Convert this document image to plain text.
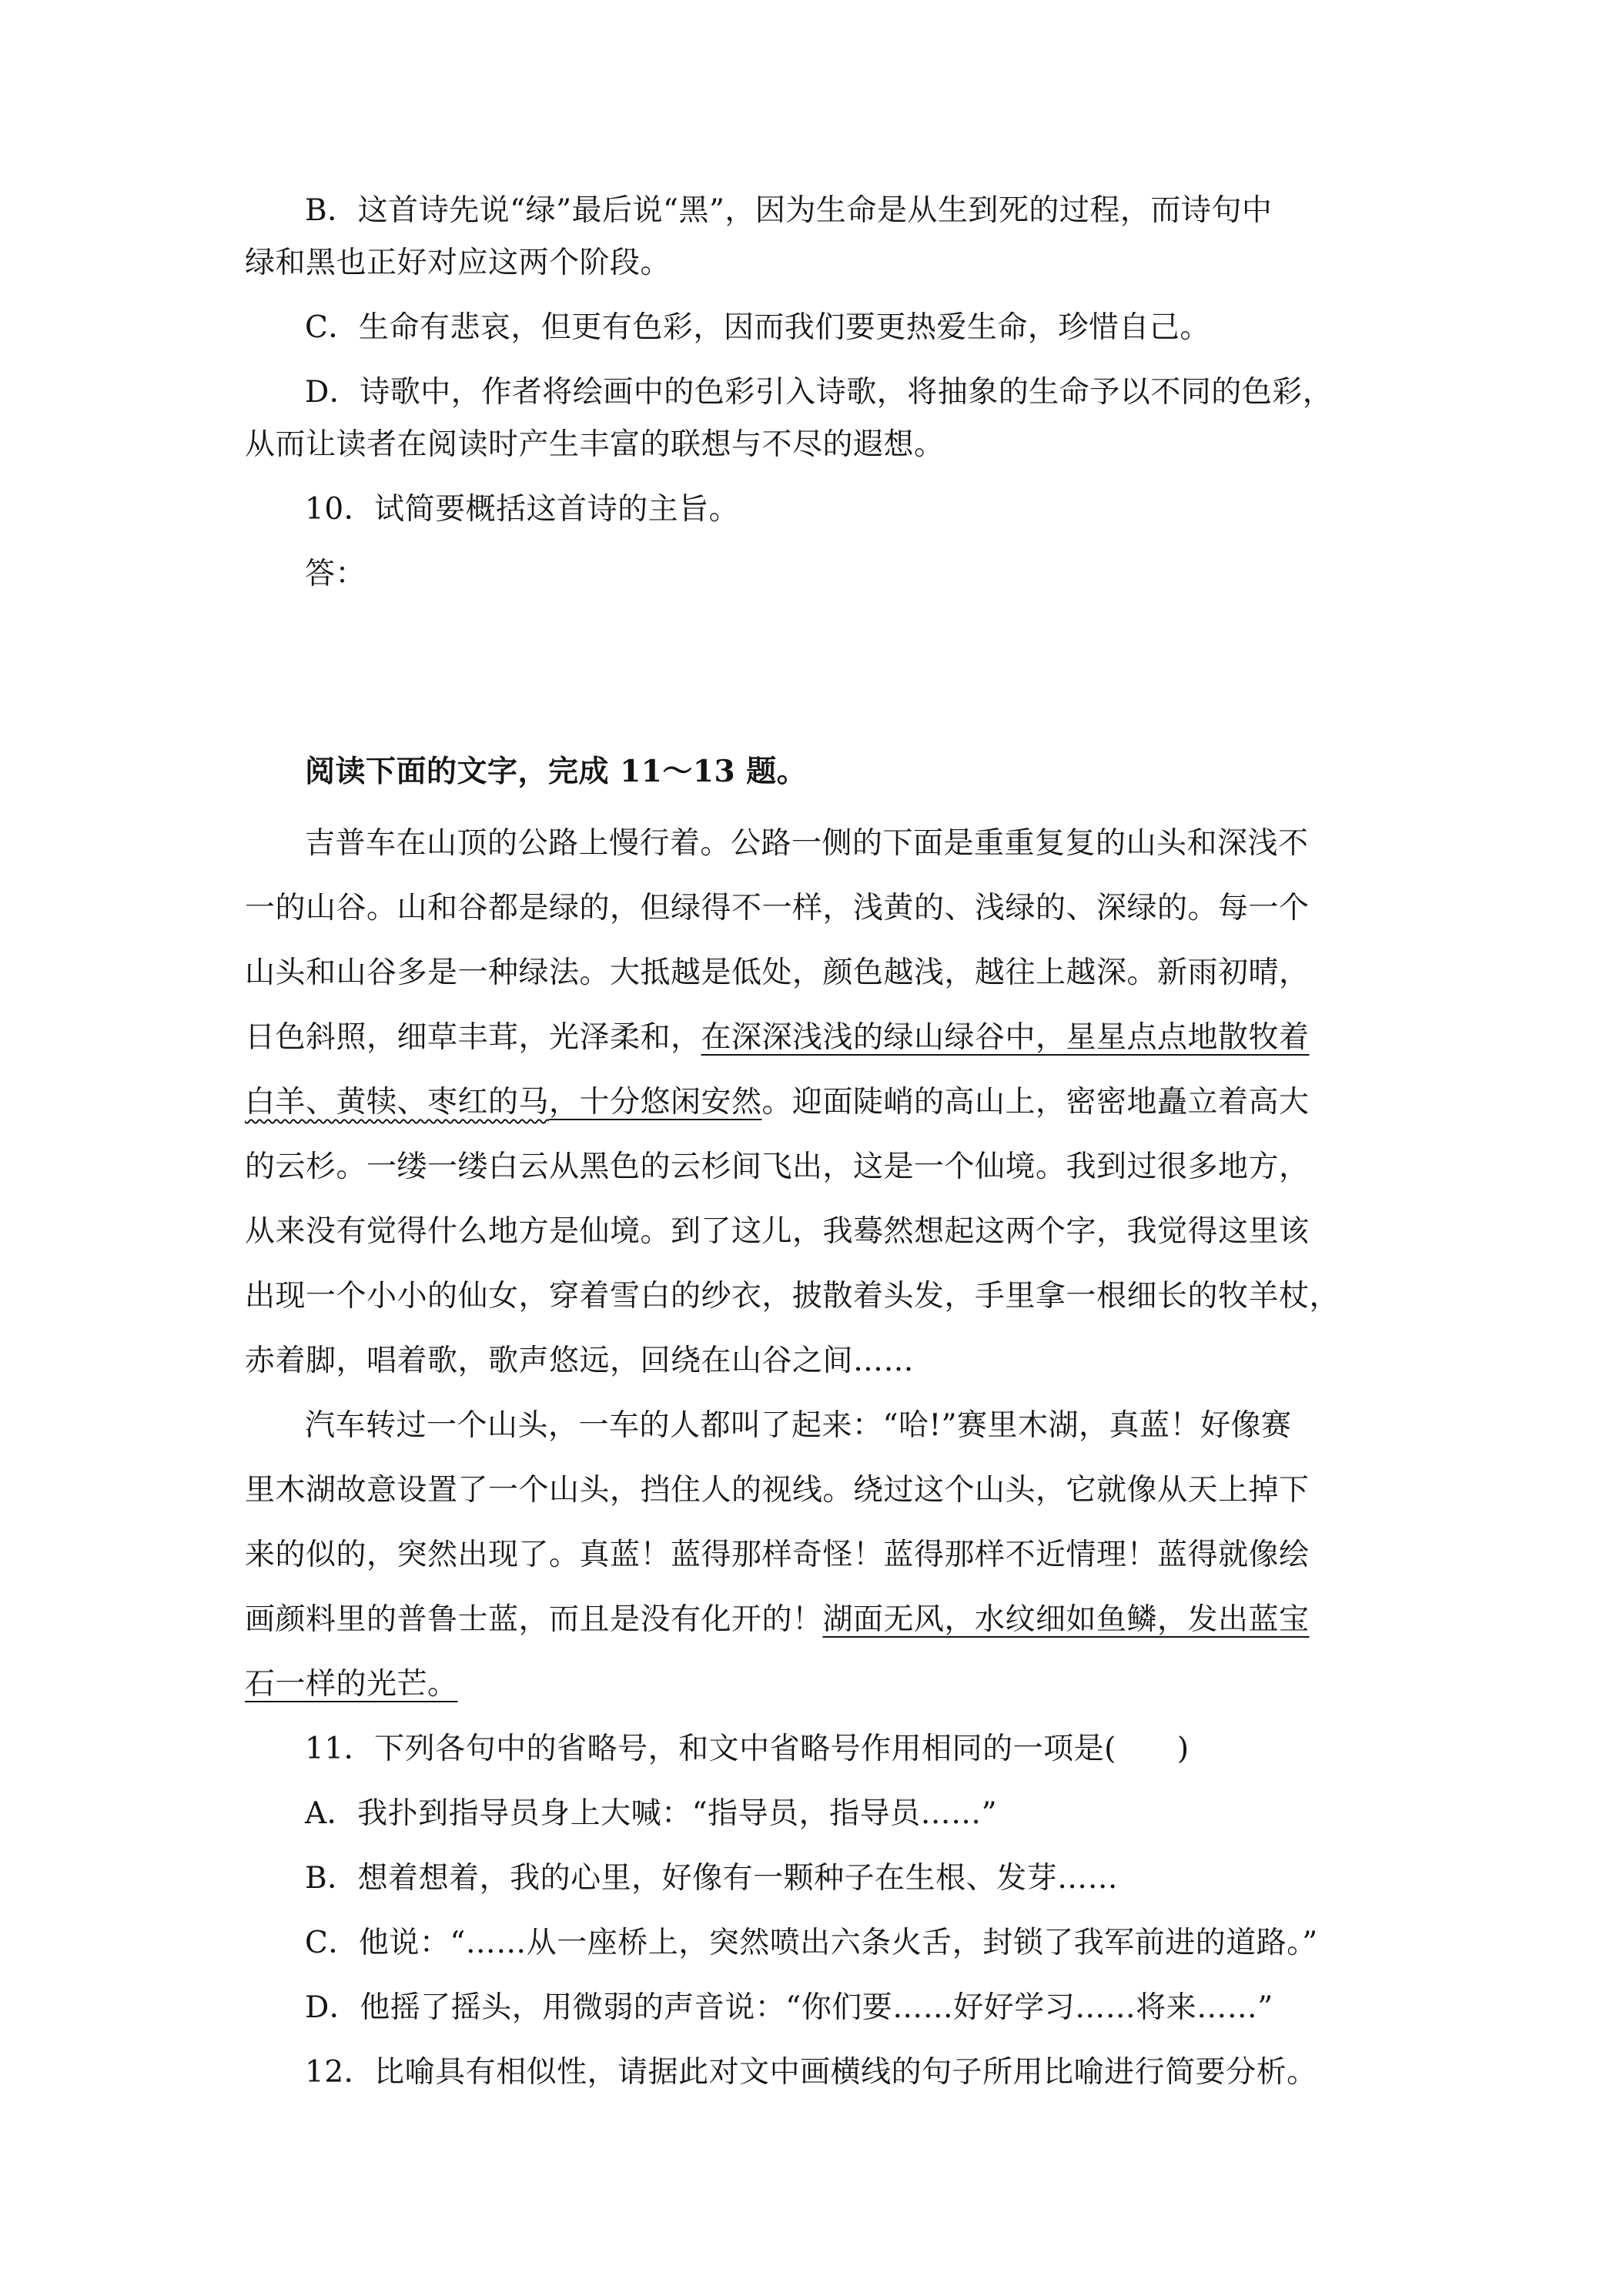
B．这首诗先说“绿”最后说“黑”，因为生命是从生到死的过程，而诗句中
绿和黑也正好对应这两个阶段。
C．生命有悲哀，但更有色彩，因而我们要更热爱生命，珍惜自己。
D．诗歌中，作者将绘画中的色彩引入诗歌，将抽象的生命予以不同的色彩，
从而让读者在阅读时产生丰富的联想与不尽的遐想。
10．试简要概括这首诗的主旨。
答：
阅读下面的文字，完成 11～13 题。
吉普车在山顶的公路上慢行着。公路一侧的下面是重重复复的山头和深浅不
一的山谷。山和谷都是绿的，但绿得不一样，浅黄的、浅绿的、深绿的。每一个
山头和山谷多是一种绿法。大抵越是低处，颜色越浅，越往上越深。新雨初晴，
日色斜照，细草丰茸，光泽柔和，在深深浅浅的绿山绿谷中，星星点点地散牧着
白羊、黄犊、枣红的马，十分悠闲安然。迎面陡峭的高山上，密密地矗立着高大
的云杉。一缕一缕白云从黑色的云杉间飞出，这是一个仙境。我到过很多地方，
从来没有觉得什么地方是仙境。到了这儿，我蓦然想起这两个字，我觉得这里该
出现一个小小的仙女，穿着雪白的纱衣，披散着头发，手里拿一根细长的牧羊杖，
赤着脚，唱着歌，歌声悠远，回绕在山谷之间……
汽车转过一个山头，一车的人都叫了起来：“哈!”赛里木湖，真蓝！好像赛
里木湖故意设置了一个山头，挡住人的视线。绕过这个山头，它就像从天上掉下
来的似的，突然出现了。真蓝！蓝得那样奇怪！蓝得那样不近情理！蓝得就像绘
画颜料里的普鲁士蓝，而且是没有化开的！湖面无风，水纹细如鱼鳞，发出蓝宝
石一样的光芒。
11．下列各句中的省略号，和文中省略号作用相同的一项是(　　)
A．我扑到指导员身上大喊：“指导员，指导员……”
B．想着想着，我的心里，好像有一颗种子在生根、发芽……
C．他说：“……从一座桥上，突然喷出六条火舌，封锁了我军前进的道路。”
D．他摇了摇头，用微弱的声音说：“你们要……好好学习……将来……”
12．比喻具有相似性，请据此对文中画横线的句子所用比喻进行简要分析。
